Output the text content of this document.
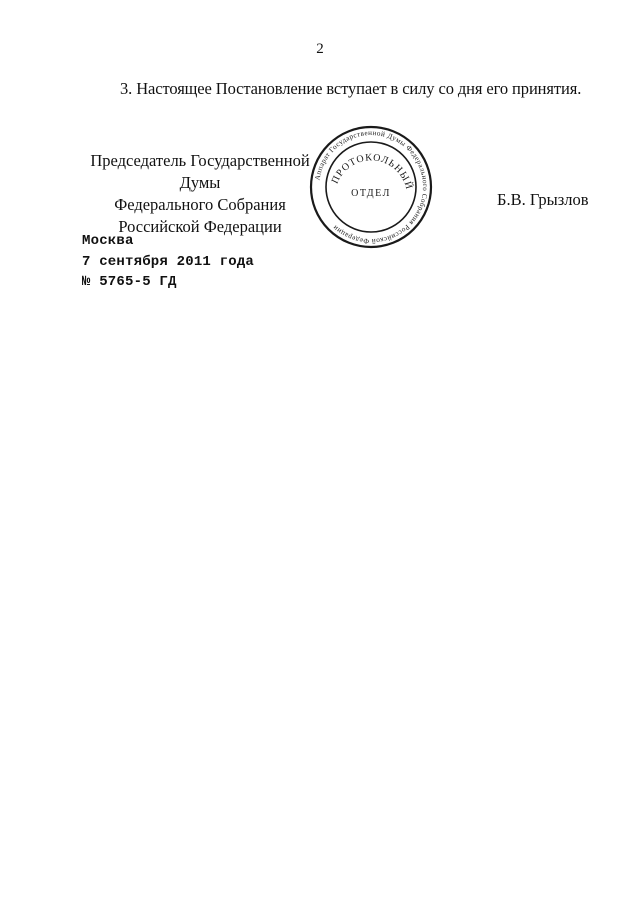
2
3. Настоящее Постановление вступает в силу со дня его принятия.
Председатель Государственной Думы
Федерального Собрания
Российской Федерации
Аппарат Государственной Думы Федерального Собрания Российской Федерации
ПРОТОКОЛЬНЫЙ
ОТДЕЛ	Б.В. Грызлов
Москва
7 сентября 2011 года
№ 5765-5 ГД
